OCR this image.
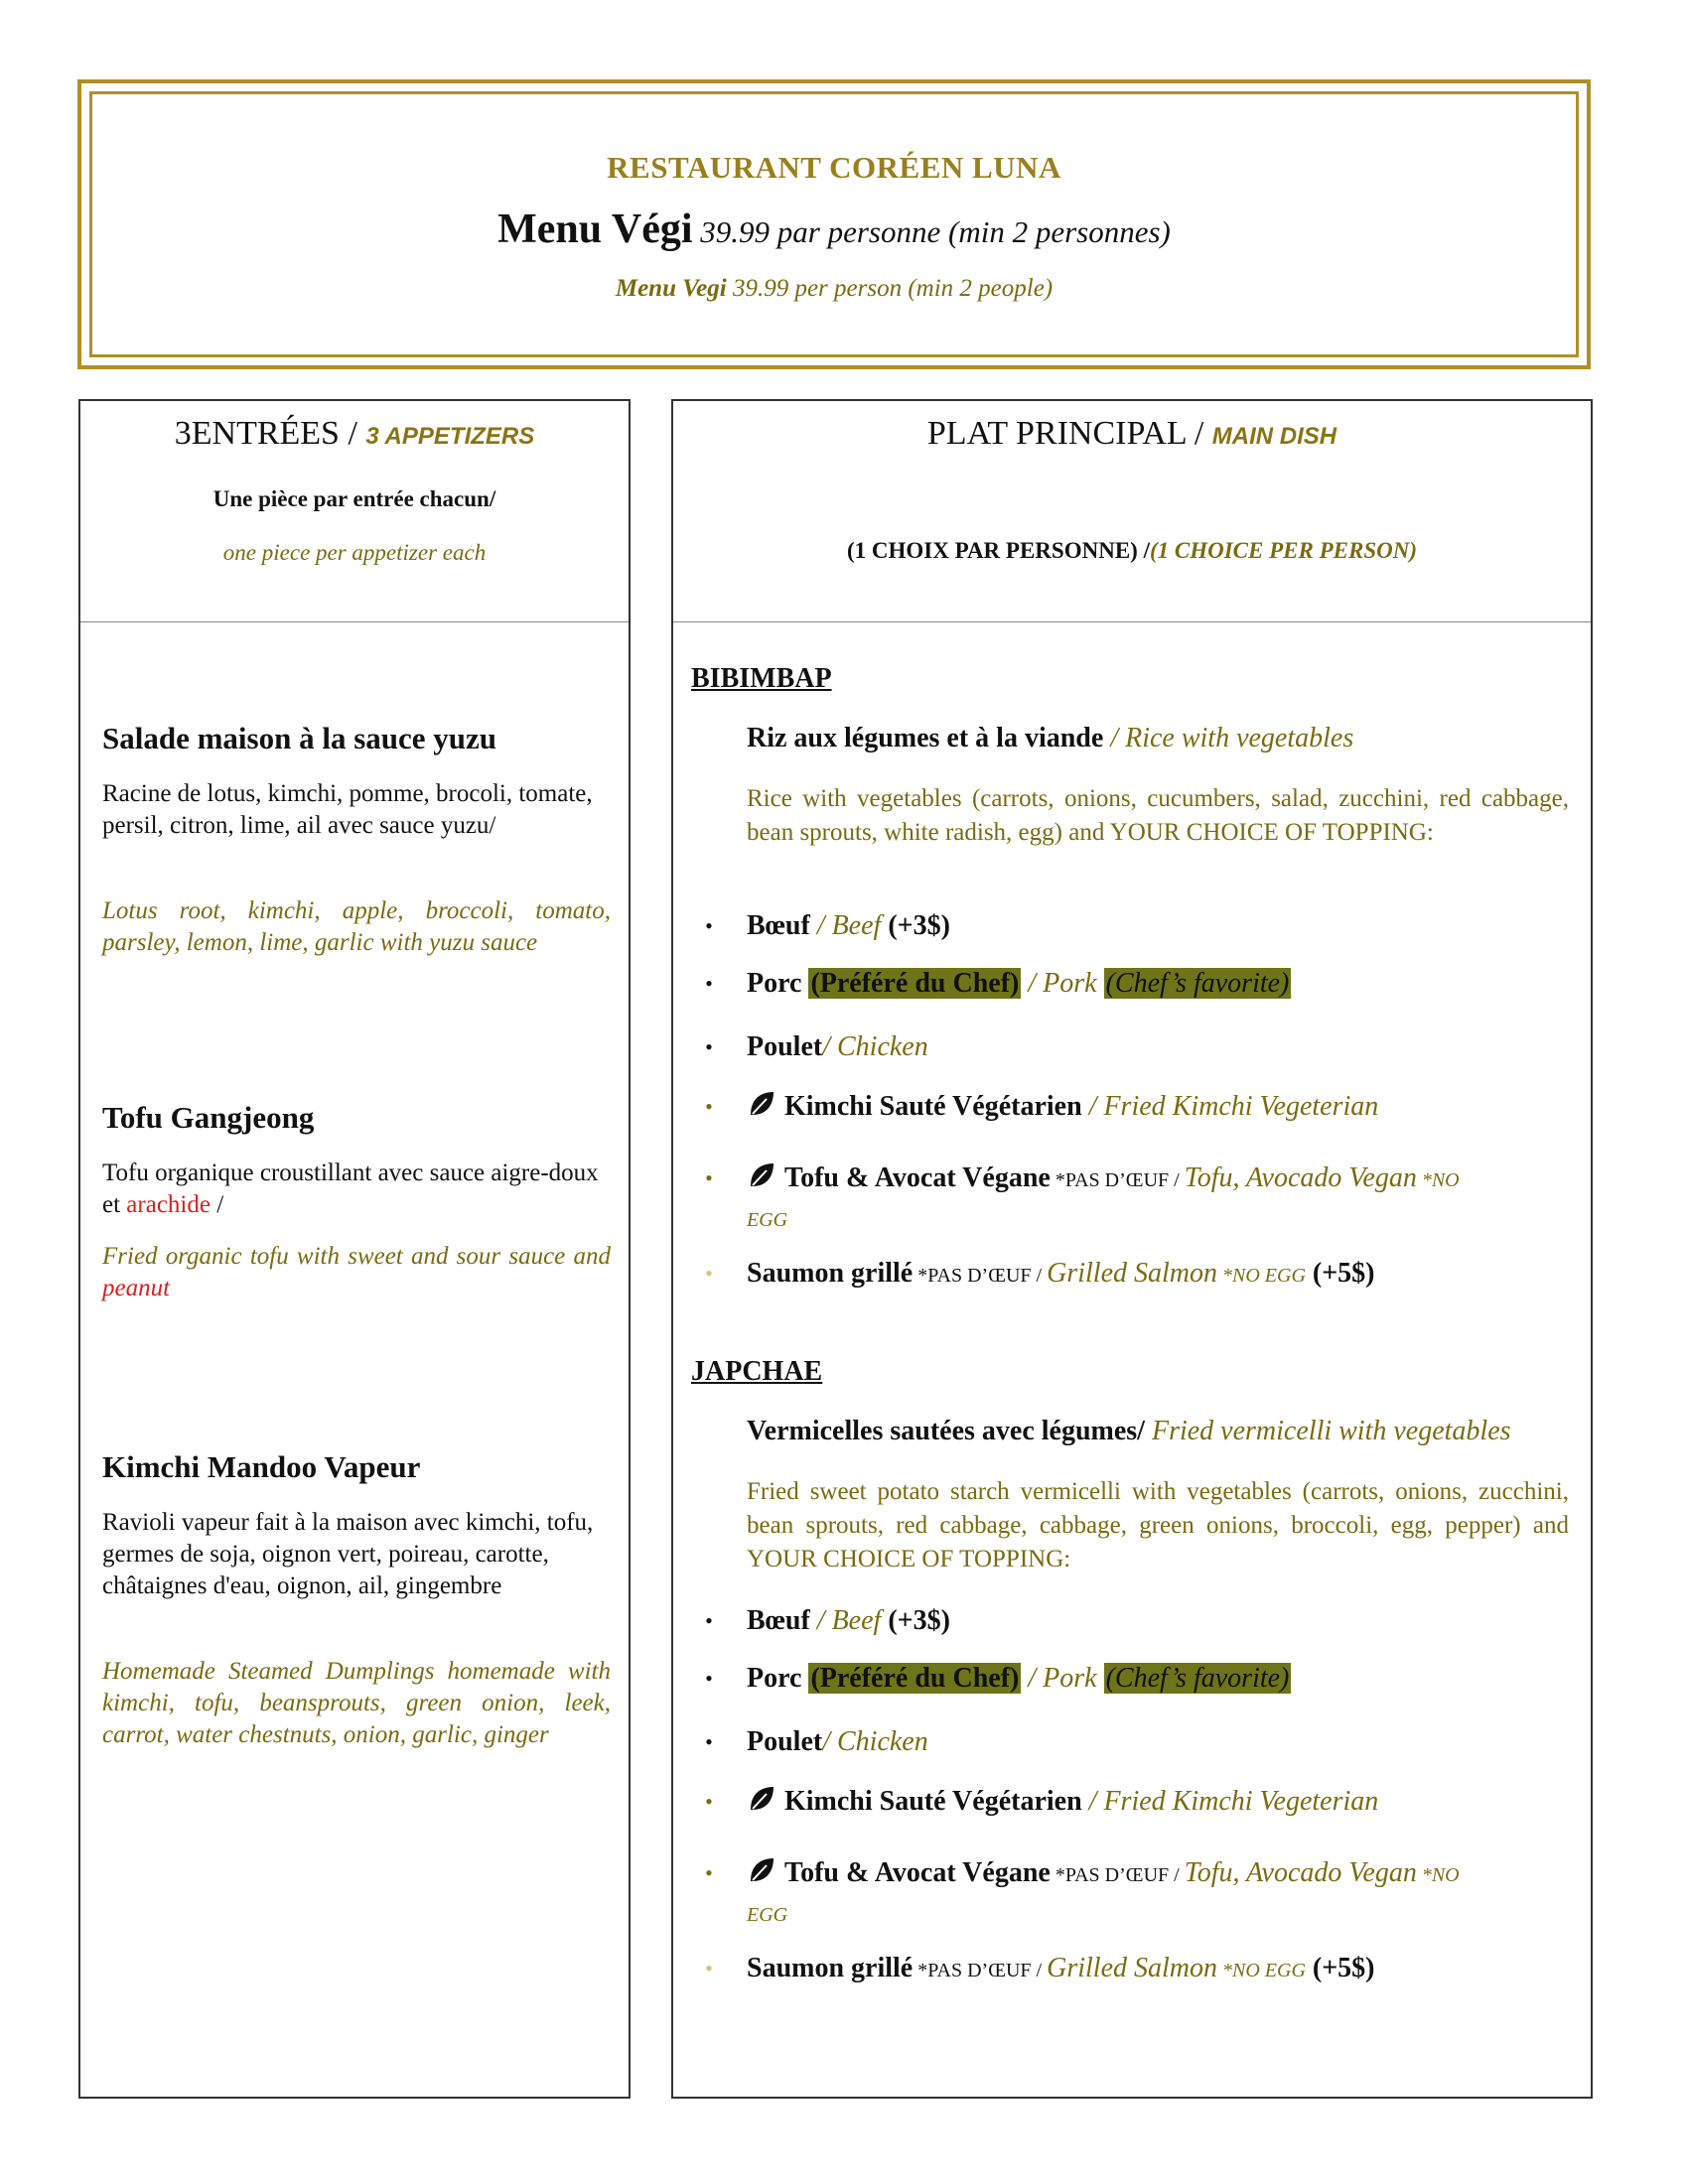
RESTAURANT CORÉEN LUNA
Menu Végi 39.99 par personne (min 2 personnes)
Menu Vegi 39.99 per person (min 2 people)
3ENTRÉES / 3 APPETIZERS
Une pièce par entrée chacun/
one piece per appetizer each
Salade maison à la sauce yuzu
Racine de lotus, kimchi, pomme, brocoli, tomate, persil, citron, lime, ail avec sauce yuzu/
Lotus root, kimchi, apple, broccoli, tomato, parsley, lemon, lime, garlic with yuzu sauce
Tofu Gangjeong
Tofu organique croustillant avec sauce aigre-doux et arachide /
Fried organic tofu with sweet and sour sauce and peanut
Kimchi Mandoo Vapeur
Ravioli vapeur fait à la maison avec kimchi, tofu, germes de soja, oignon vert, poireau, carotte, châtaignes d'eau, oignon, ail, gingembre
Homemade Steamed Dumplings homemade with kimchi, tofu, beansprouts, green onion, leek, carrot, water chestnuts, onion, garlic, ginger
PLAT PRINCIPAL / MAIN DISH
(1 CHOIX PAR PERSONNE) /(1 CHOICE PER PERSON)
BIBIMBAP
Riz aux légumes et à la viande / Rice with vegetables
Rice with vegetables (carrots, onions, cucumbers, salad, zucchini, red cabbage, bean sprouts, white radish, egg) and YOUR CHOICE OF TOPPING:
• Bœuf / Beef (+3$)
• Porc (Préféré du Chef) / Pork (Chef’s favorite)
• Poulet/ Chicken
•	Kimchi Sauté Végétarien / Fried Kimchi Vegeterian
•	Tofu & Avocat Végane *PAS D’ŒUF / Tofu, Avocado Vegan *NO EGG
• Saumon grillé *PAS D’ŒUF / Grilled Salmon *NO EGG (+5$)
JAPCHAE
Vermicelles sautées avec légumes/ Fried vermicelli with vegetables
Fried sweet potato starch vermicelli with vegetables (carrots, onions, zucchini, bean sprouts, red cabbage, cabbage, green onions, broccoli, egg, pepper) and YOUR CHOICE OF TOPPING:
• Bœuf / Beef (+3$)
• Porc (Préféré du Chef) / Pork (Chef’s favorite)
• Poulet/ Chicken
•	Kimchi Sauté Végétarien / Fried Kimchi Vegeterian
•	Tofu & Avocat Végane *PAS D’ŒUF / Tofu, Avocado Vegan *NO EGG
• Saumon grillé *PAS D’ŒUF / Grilled Salmon *NO EGG (+5$)
